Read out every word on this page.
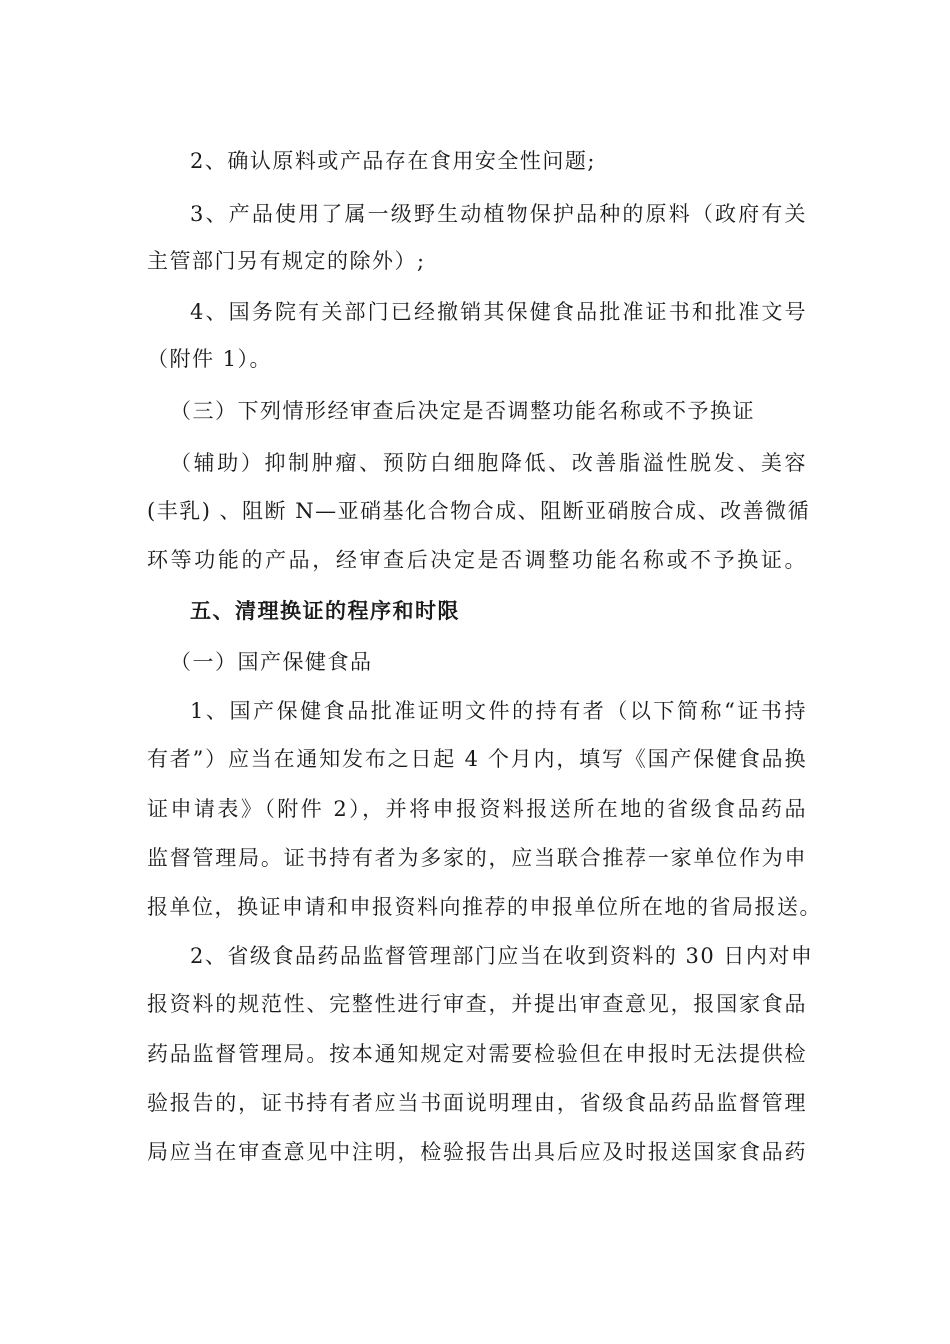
2、确认原料或产品存在食用安全性问题;
3、产品使用了属一级野生动植物保护品种的原料（政府有关
主管部门另有规定的除外）;
4、国务院有关部门已经撤销其保健食品批准证书和批准文号
（附件 1）。
（三）下列情形经审查后决定是否调整功能名称或不予换证
（辅助）抑制肿瘤、预防白细胞降低、改善脂溢性脱发、美容
(丰乳) 、阻断 N—亚硝基化合物合成、阻断亚硝胺合成、改善微循
环等功能的产品，经审查后决定是否调整功能名称或不予换证。
五、清理换证的程序和时限
（一）国产保健食品
1、国产保健食品批准证明文件的持有者（以下简称“证书持
有者”）应当在通知发布之日起 4 个月内，填写《国产保健食品换
证申请表》（附件 2），并将申报资料报送所在地的省级食品药品
监督管理局。证书持有者为多家的，应当联合推荐一家单位作为申
报单位，换证申请和申报资料向推荐的申报单位所在地的省局报送。
2、省级食品药品监督管理部门应当在收到资料的 30 日内对申
报资料的规范性、完整性进行审查，并提出审查意见，报国家食品
药品监督管理局。按本通知规定对需要检验但在申报时无法提供检
验报告的，证书持有者应当书面说明理由，省级食品药品监督管理
局应当在审查意见中注明，检验报告出具后应及时报送国家食品药
